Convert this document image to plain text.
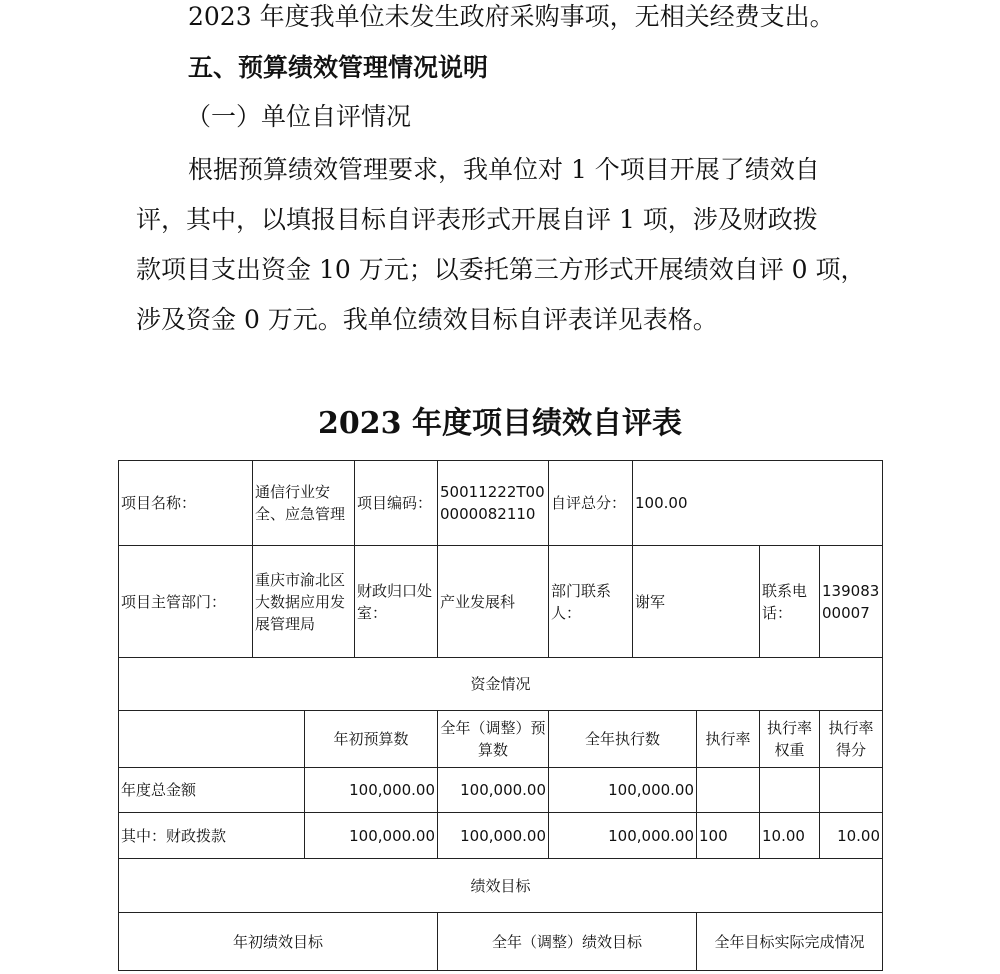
2023 年度我单位未发生政府采购事项，无相关经费支出。

五、预算绩效管理情况说明

（一）单位自评情况

根据预算绩效管理要求，我单位对 1 个项目开展了绩效自
评，其中，以填报目标自评表形式开展自评 1 项，涉及财政拨
款项目支出资金 10 万元；以委托第三方形式开展绩效自评 0 项，
涉及资金 0 万元。我单位绩效目标自评表详见表格。

2023 年度项目绩效自评表

项目名称：	通信行业安全、应急管理		项目编码：	50011222T000000082110	自评总分：	100.00			
项目主管部门：	重庆市渝北区大数据应用发展管理局		财政归口处室：	产业发展科	部门联系人：	谢军		联系电话：	13908300007
资金情况									
		年初预算数		全年（调整）预算数	全年执行数		执行率	执行率权重	执行率得分
年度总金额		100,000.00		100,000.00	100,000.00				
其中：财政拨款		100,000.00		100,000.00	100,000.00		100	10.00	10.00
绩效目标									
年初绩效目标				全年（调整）绩效目标			全年目标实际完成情况		
